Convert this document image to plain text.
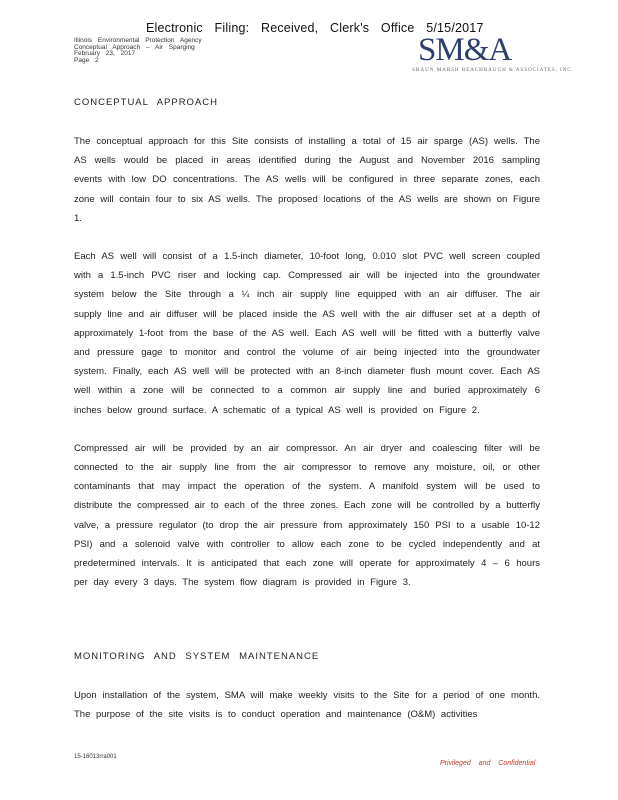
Electronic Filing: Received, Clerk's Office 5/15/2017
Illinois Environmental Protection Agency
Conceptual Approach – Air Sparging
February 23, 2017
Page 2	SM&A
SHAUN MARSH BEACHBAUGH & ASSOCIATES, INC.

CONCEPTUAL APPROACH

The conceptual approach for this Site consists of installing a total of 15 air sparge (AS) wells. The AS wells would be placed in areas identified during the August and November 2016 sampling events with low DO concentrations. The AS wells will be configured in three separate zones, each zone will contain four to six AS wells. The proposed locations of the AS wells are shown on Figure 1.

Each AS well will consist of a 1.5-inch diameter, 10-foot long, 0.010 slot PVC well screen coupled with a 1.5-inch PVC riser and locking cap. Compressed air will be injected into the groundwater system below the Site through a ¼ inch air supply line equipped with an air diffuser. The air supply line and air diffuser will be placed inside the AS well with the air diffuser set at a depth of approximately 1-foot from the base of the AS well. Each AS well will be fitted with a butterfly valve and pressure gage to monitor and control the volume of air being injected into the groundwater system. Finally, each AS well will be protected with an 8-inch diameter flush mount cover. Each AS well within a zone will be connected to a common air supply line and buried approximately 6 inches below ground surface. A schematic of a typical AS well is provided on Figure 2.

Compressed air will be provided by an air compressor. An air dryer and coalescing filter will be connected to the air supply line from the air compressor to remove any moisture, oil, or other contaminants that may impact the operation of the system. A manifold system will be used to distribute the compressed air to each of the three zones. Each zone will be controlled by a butterfly valve, a pressure regulator (to drop the air pressure from approximately 150 PSI to a usable 10-12 PSI) and a solenoid valve with controller to allow each zone to be cycled independently and at predetermined intervals. It is anticipated that each zone will operate for approximately 4 – 6 hours per day every 3 days. The system flow diagram is provided in Figure 3.

MONITORING AND SYSTEM MAINTENANCE

Upon installation of the system, SMA will make weekly visits to the Site for a period of one month. The purpose of the site visits is to conduct operation and maintenance (O&M) activities

15-16013rra001
Privileged and Confidential
